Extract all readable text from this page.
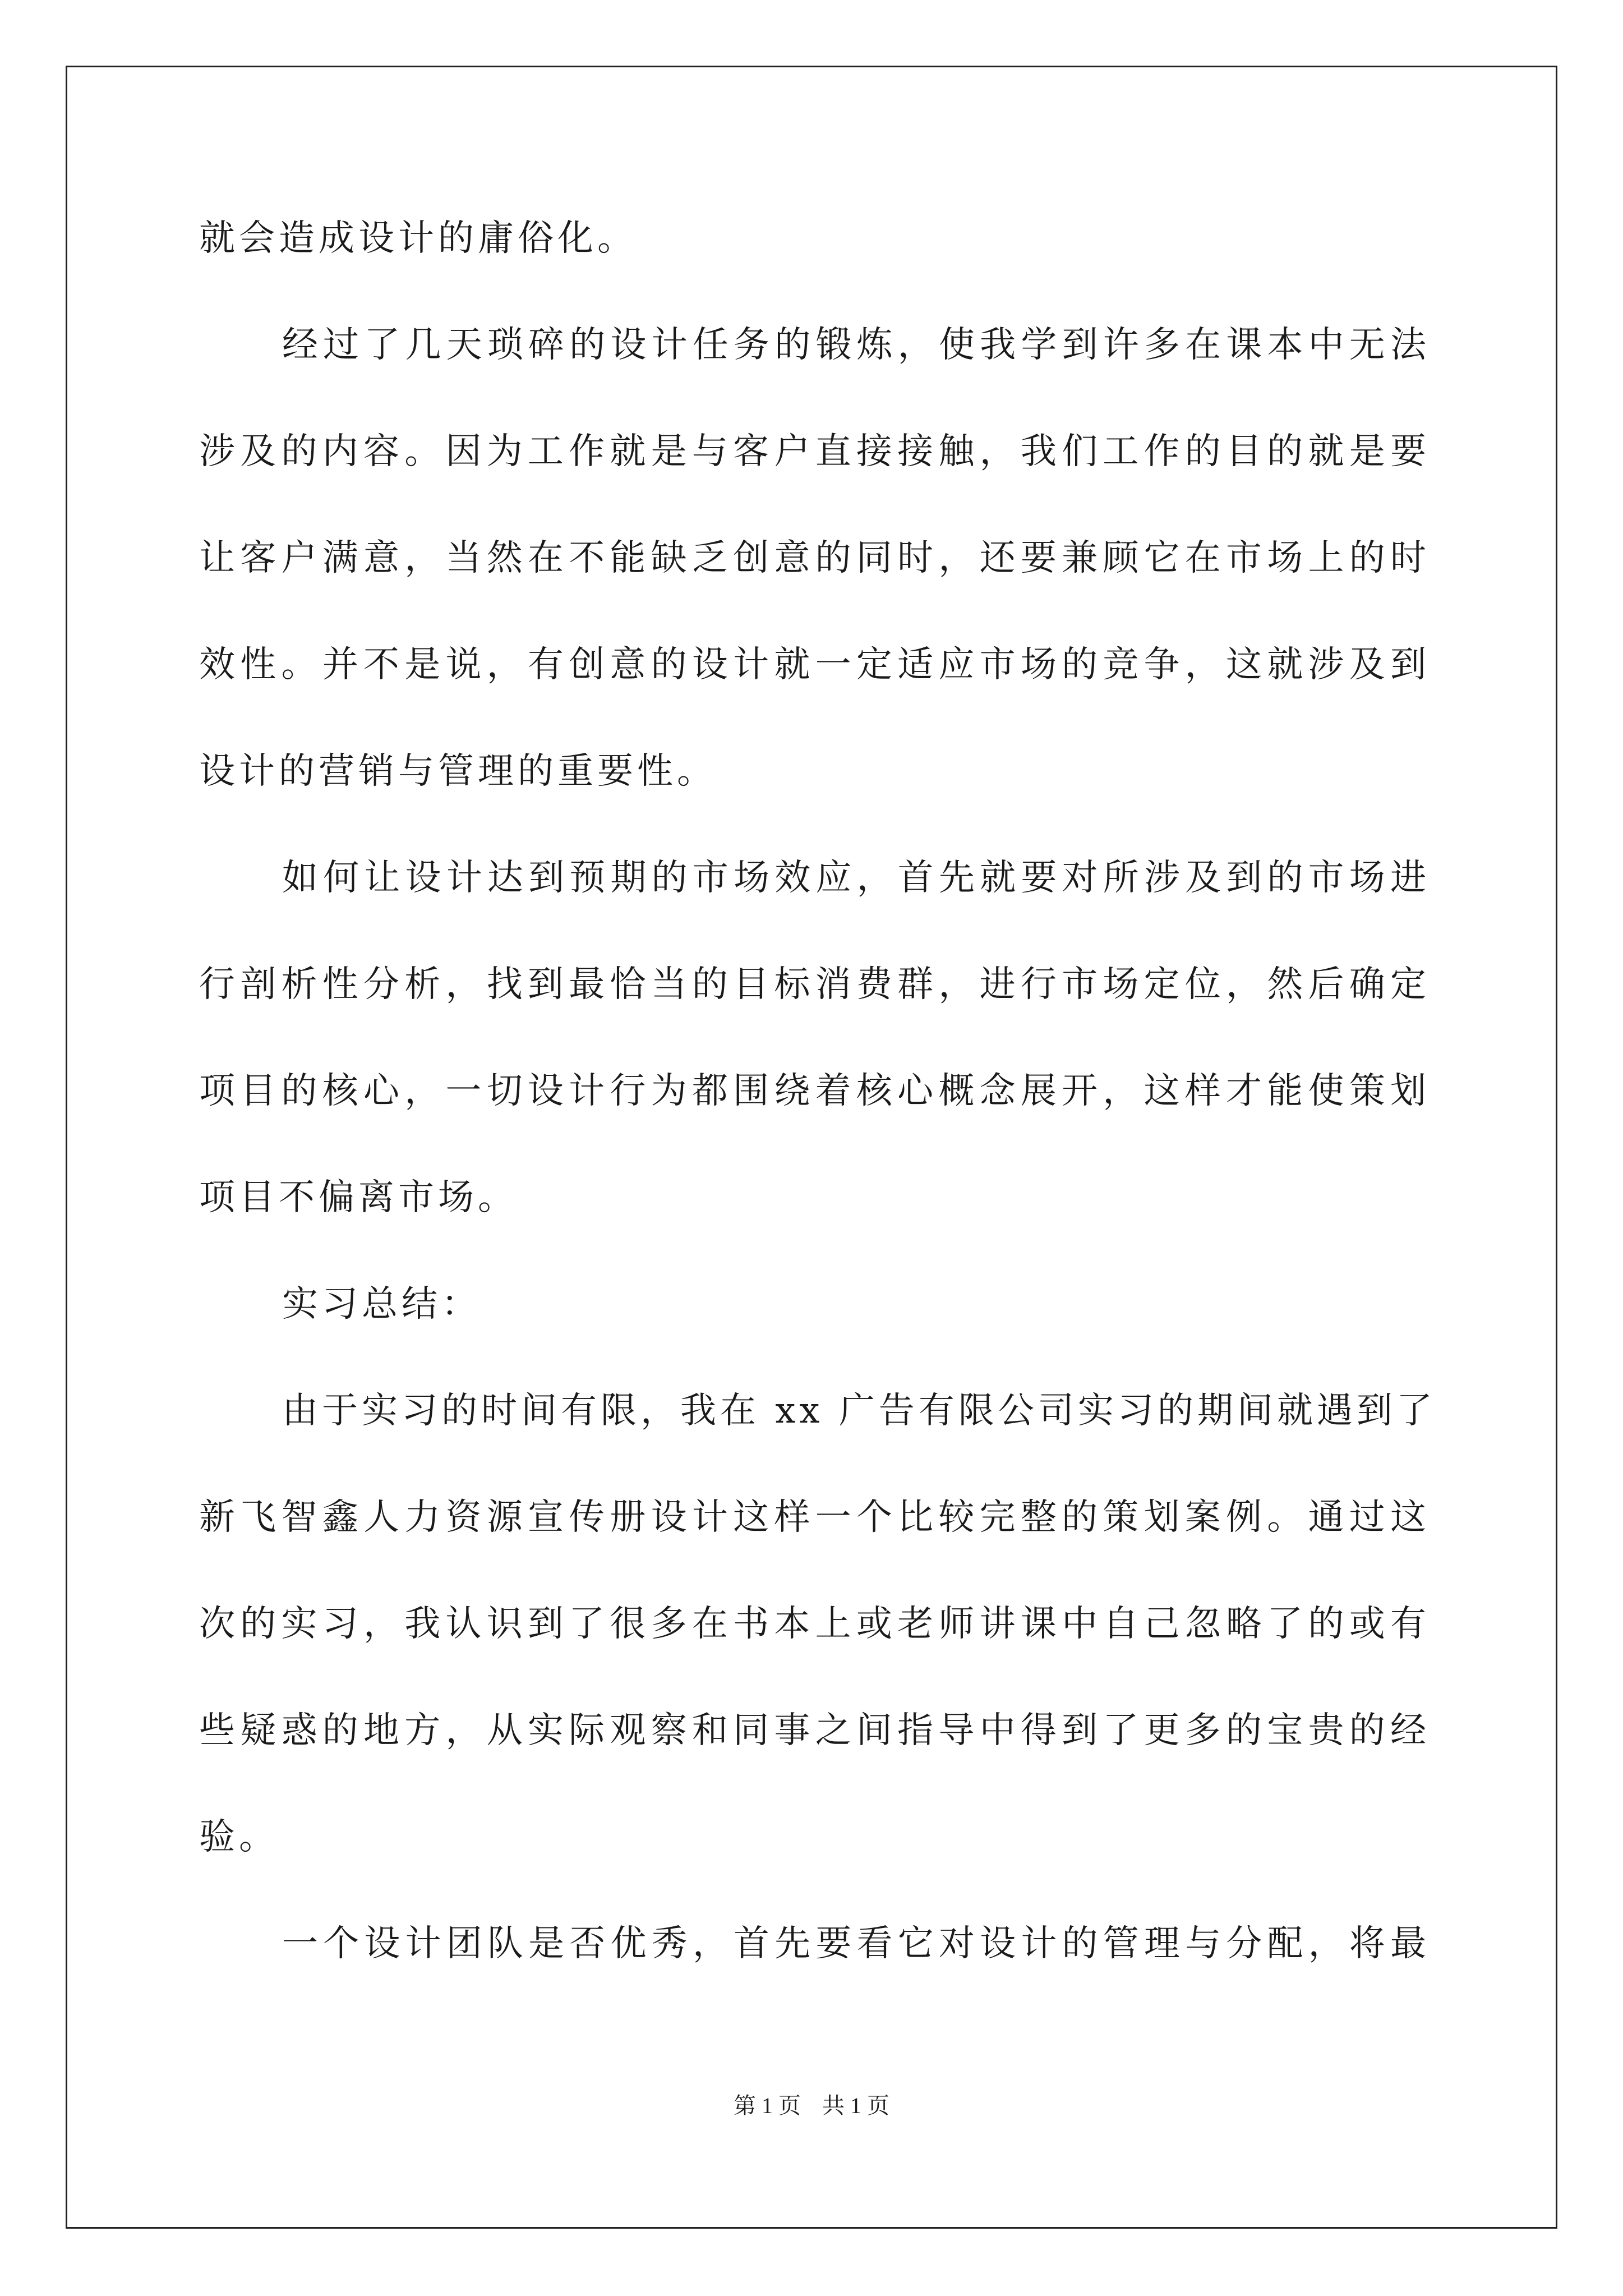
就会造成设计的庸俗化。
经过了几天琐碎的设计任务的锻炼，使我学到许多在课本中无法
涉及的内容。因为工作就是与客户直接接触，我们工作的目的就是要
让客户满意，当然在不能缺乏创意的同时，还要兼顾它在市场上的时
效性。并不是说，有创意的设计就一定适应市场的竞争，这就涉及到
设计的营销与管理的重要性。
如何让设计达到预期的市场效应，首先就要对所涉及到的市场进
行剖析性分析，找到最恰当的目标消费群，进行市场定位，然后确定
项目的核心，一切设计行为都围绕着核心概念展开，这样才能使策划
项目不偏离市场。
实习总结：
由于实习的时间有限，我在 xx 广告有限公司实习的期间就遇到了
新飞智鑫人力资源宣传册设计这样一个比较完整的策划案例。通过这
次的实习，我认识到了很多在书本上或老师讲课中自己忽略了的或有
些疑惑的地方，从实际观察和同事之间指导中得到了更多的宝贵的经
验。
一个设计团队是否优秀，首先要看它对设计的管理与分配，将最
第 1 页 共 1 页
